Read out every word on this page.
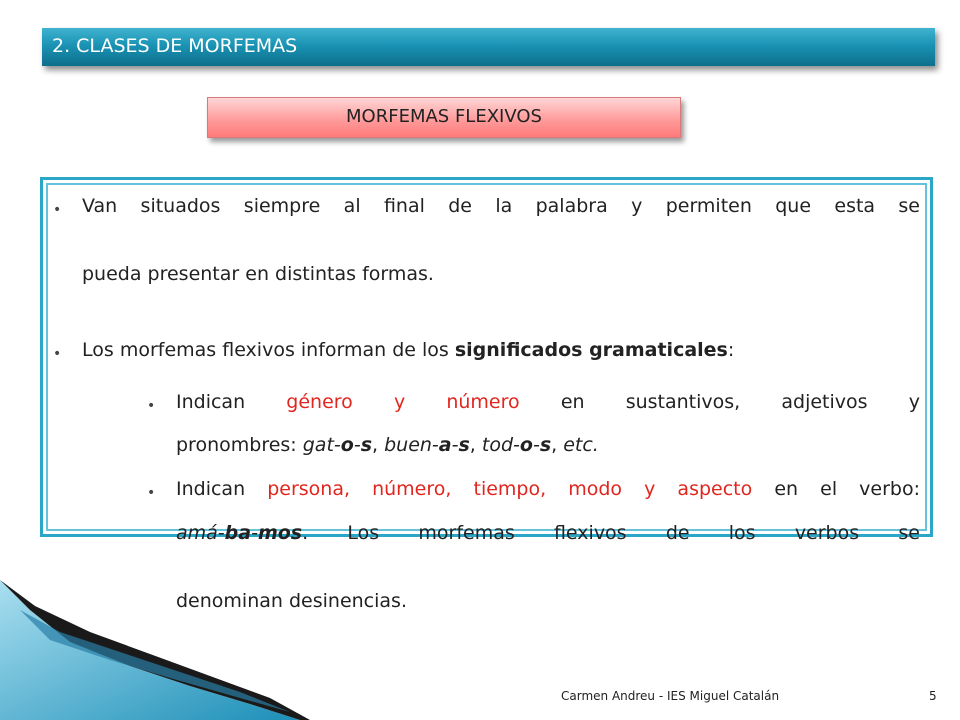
2. CLASES DE MORFEMAS
MORFEMAS FLEXIVOS
• Van situados siempre al final de la palabra y permiten que esta se
pueda presentar en distintas formas.
• Los morfemas flexivos informan de los significados gramaticales:
• Indican género y número en sustantivos, adjetivos y
pronombres: gat-o-s, buen-a-s, tod-o-s, etc.
• Indican persona, número, tiempo, modo y aspecto en el verbo:
amá-ba-mos. Los morfemas flexivos de los verbos se
denominan desinencias.
Carmen Andreu - IES Miguel Catalán	5
